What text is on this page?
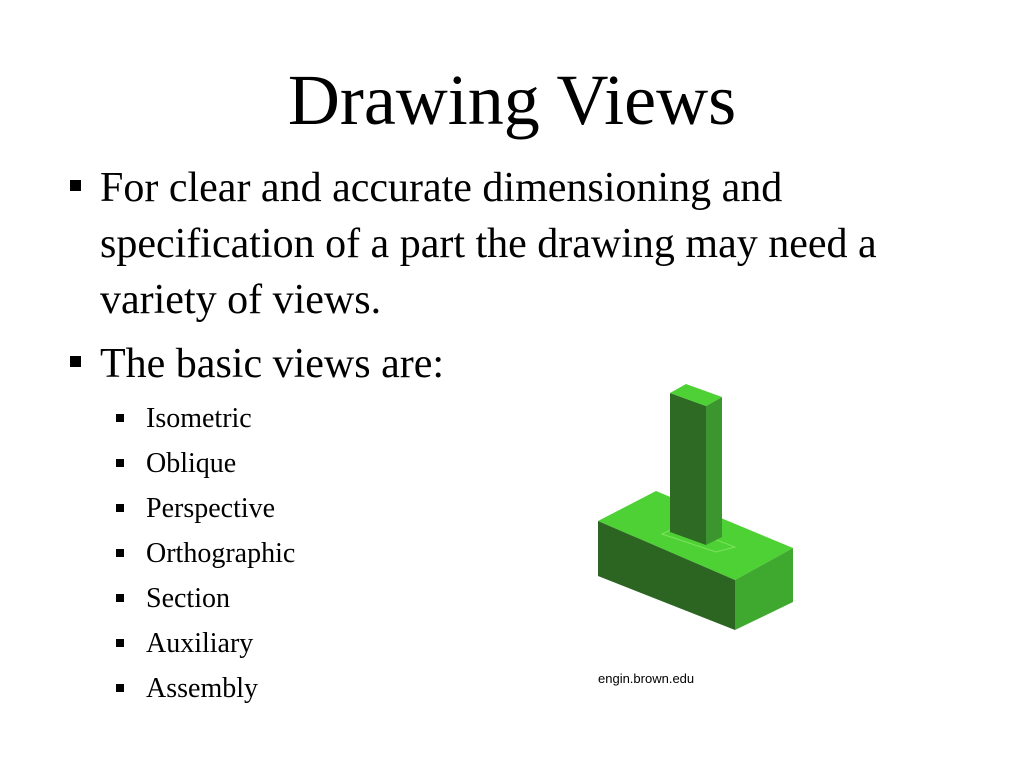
Drawing Views
For clear and accurate dimensioning and specification of a part the drawing may need a variety of views.
The basic views are:
Isometric
Oblique
Perspective
Orthographic
Section
Auxiliary
Assembly	engin.brown.edu
